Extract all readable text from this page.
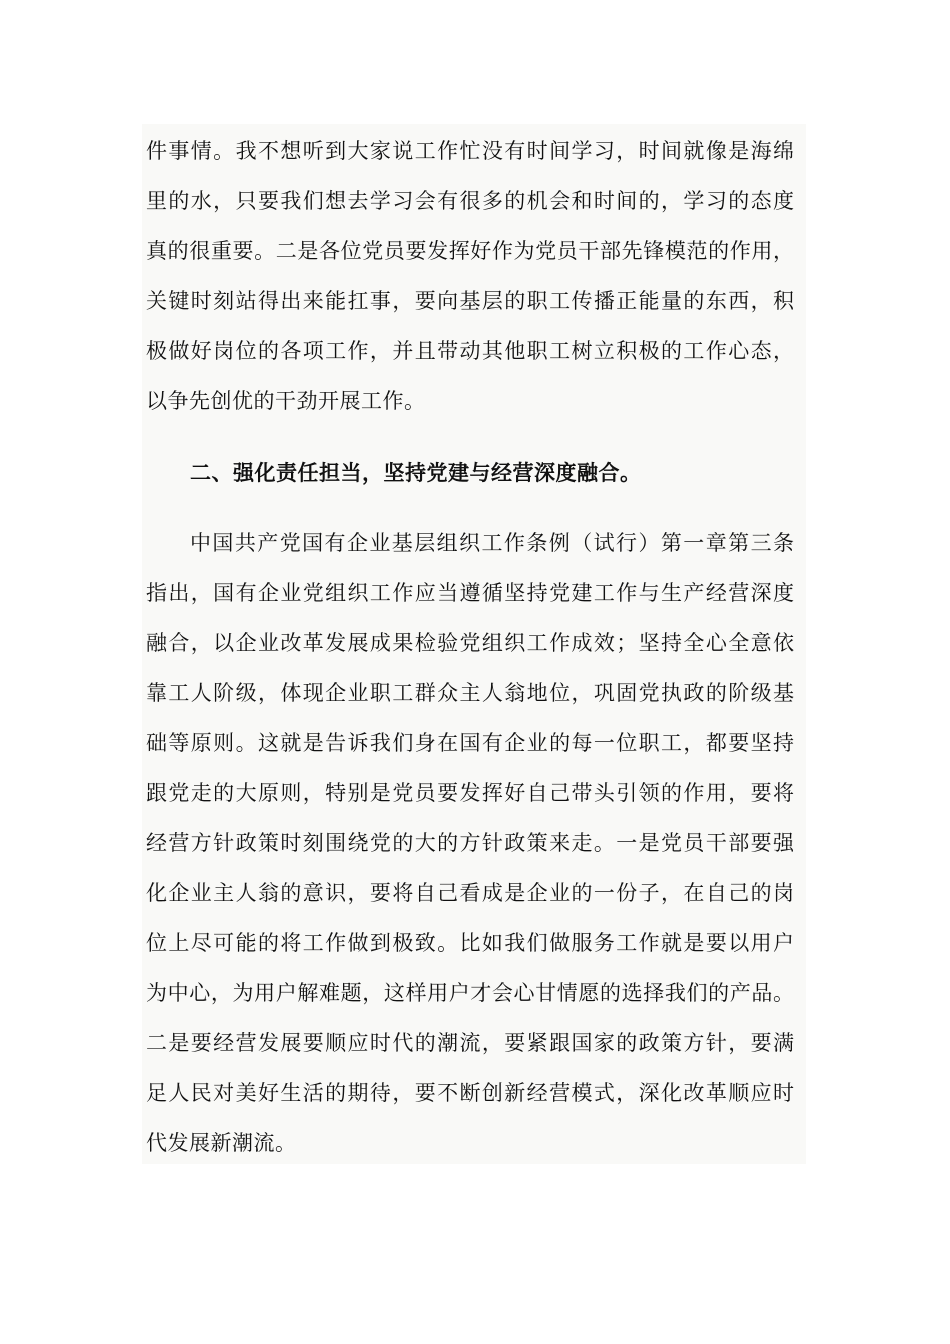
件事情。我不想听到大家说工作忙没有时间学习，时间就像是海绵
里的水，只要我们想去学习会有很多的机会和时间的，学习的态度
真的很重要。二是各位党员要发挥好作为党员干部先锋模范的作用，
关键时刻站得出来能扛事，要向基层的职工传播正能量的东西，积
极做好岗位的各项工作，并且带动其他职工树立积极的工作心态，
以争先创优的干劲开展工作。
二、强化责任担当，坚持党建与经营深度融合。
中国共产党国有企业基层组织工作条例（试行）第一章第三条
指出，国有企业党组织工作应当遵循坚持党建工作与生产经营深度
融合，以企业改革发展成果检验党组织工作成效；坚持全心全意依
靠工人阶级，体现企业职工群众主人翁地位，巩固党执政的阶级基
础等原则。这就是告诉我们身在国有企业的每一位职工，都要坚持
跟党走的大原则，特别是党员要发挥好自己带头引领的作用，要将
经营方针政策时刻围绕党的大的方针政策来走。一是党员干部要强
化企业主人翁的意识，要将自己看成是企业的一份子，在自己的岗
位上尽可能的将工作做到极致。比如我们做服务工作就是要以用户
为中心，为用户解难题，这样用户才会心甘情愿的选择我们的产品。
二是要经营发展要顺应时代的潮流，要紧跟国家的政策方针，要满
足人民对美好生活的期待，要不断创新经营模式，深化改革顺应时
代发展新潮流。
